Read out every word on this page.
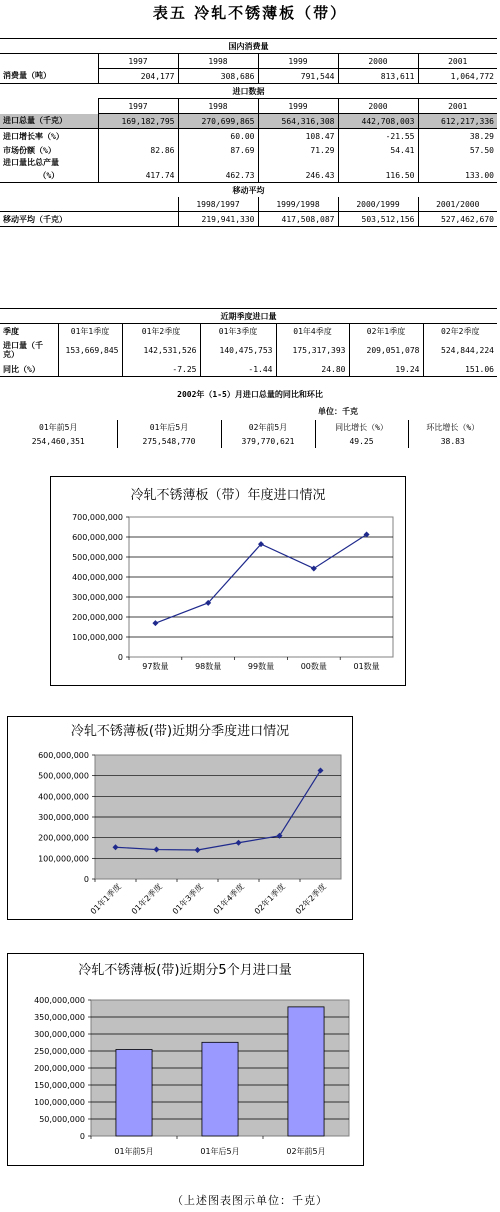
表五 冷轧不锈薄板（带）
国内消费量					
	1997	1998	1999	2000	2001
消费量（吨）	204,177	308,686	791,544	813,611	1,064,772
进口数据					
	1997	1998	1999	2000	2001
进口总量（千克）	169,182,795	270,699,865	564,316,308	442,708,003	612,217,336
进口增长率（%）		60.00	108.47	-21.55	38.29
市场份额（%）	82.86	87.69	71.29	54.41	57.50
进口量比总产量					
（%）	417.74	462.73	246.43	116.50	133.00
移动平均					
		1998/1997	1999/1998	2000/1999	2001/2000
移动平均（千克）		219,941,330	417,508,087	503,512,156	527,462,670
近期季度进口量						
季度	01年1季度	01年2季度	01年3季度	01年4季度	02年1季度	02年2季度
进口量（千克）	153,669,845	142,531,526	140,475,753	175,317,393	209,051,078	524,844,224
同比（%）		-7.25	-1.44	24.80	19.24	151.06
2002年（1-5）月进口总量的同比和环比
单位：千克
01年前5月	01年后5月	02年前5月	同比增长（%）	环比增长（%）
254,460,351	275,548,770	379,770,621	49.25	38.83
冷轧不锈薄板（带）年度进口情况
0
100,000,000
200,000,000
300,000,000
400,000,000
500,000,000
600,000,000
700,000,000
97数量	98数量	99数量	00数量	01数量
冷轧不锈薄板(带)近期分季度进口情况
0
100,000,000
200,000,000
300,000,000
400,000,000
500,000,000
600,000,000
01年1季度 01年2季度 01年3季度 01年4季度 02年1季度 02年2季度
冷轧不锈薄板(带)近期分5个月进口量
0
50,000,000
100,000,000
150,000,000
200,000,000
250,000,000
300,000,000
350,000,000
400,000,000
01年前5月	01年后5月	02年前5月
（上述图表图示单位：千克）
